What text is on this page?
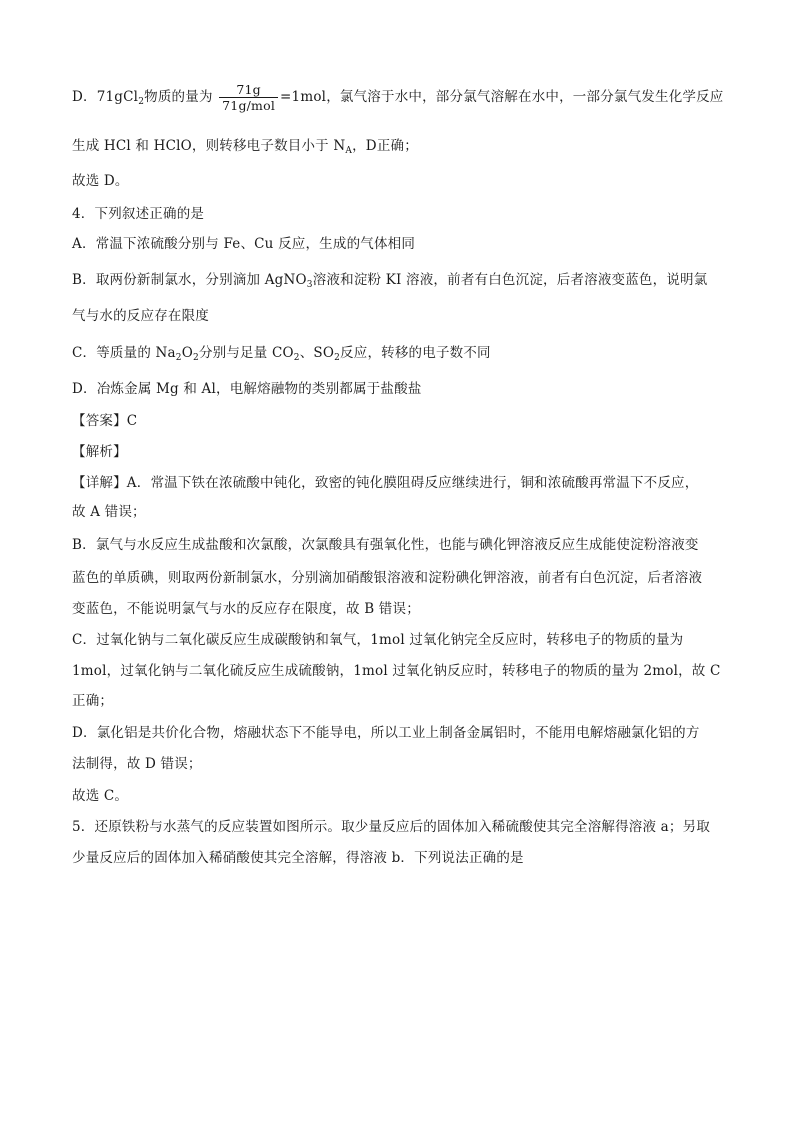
D．71gCl$_2$物质的量为 $\frac{71g}{\text{71g/mol}} =1mol$，氯气溶于水中，部分氯气溶解在水中，一部分氯气发生化学反应
生成 HCl 和 HClO，则转移电子数目小于 $N_A$，D正确；
故选 D。
4．下列叙述正确的是
A．常温下浓硫酸分别与 Fe、Cu 反应，生成的气体相同
B．取两份新制氯水，分别滴加 AgNO$_3$溶液和淀粉 KI 溶液，前者有白色沉淀，后者溶液变蓝色，说明氯
气与水的反应存在限度
C．等质量的 $Na_2O_2$分别与足量 $CO_2$、$SO_2$反应，转移的电子数不同
D．冶炼金属 Mg 和 Al，电解熔融物的类别都属于盐酸盐
【答案】C
【解析】
【详解】A．常温下铁在浓硫酸中钝化，致密的钝化膜阻碍反应继续进行，铜和浓硫酸再常温下不反应，
故 A 错误；
B．氯气与水反应生成盐酸和次氯酸，次氯酸具有强氧化性，也能与碘化钾溶液反应生成能使淀粉溶液变
蓝色的单质碘，则取两份新制氯水，分别滴加硝酸银溶液和淀粉碘化钾溶液，前者有白色沉淀，后者溶液
变蓝色，不能说明氯气与水的反应存在限度，故 B 错误；
C．过氧化钠与二氧化碳反应生成碳酸钠和氧气，1mol 过氧化钠完全反应时，转移电子的物质的量为
1mol，过氧化钠与二氧化硫反应生成硫酸钠，1mol 过氧化钠反应时，转移电子的物质的量为 2mol，故 C
正确；
D．氯化铝是共价化合物，熔融状态下不能导电，所以工业上制备金属铝时，不能用电解熔融氯化铝的方
法制得，故 D 错误；
故选 C。
5．还原铁粉与水蒸气的反应装置如图所示。取少量反应后的固体加入稀硫酸使其完全溶解得溶液 a；另取
少量反应后的固体加入稀硝酸使其完全溶解，得溶液 b．下列说法正确的是
